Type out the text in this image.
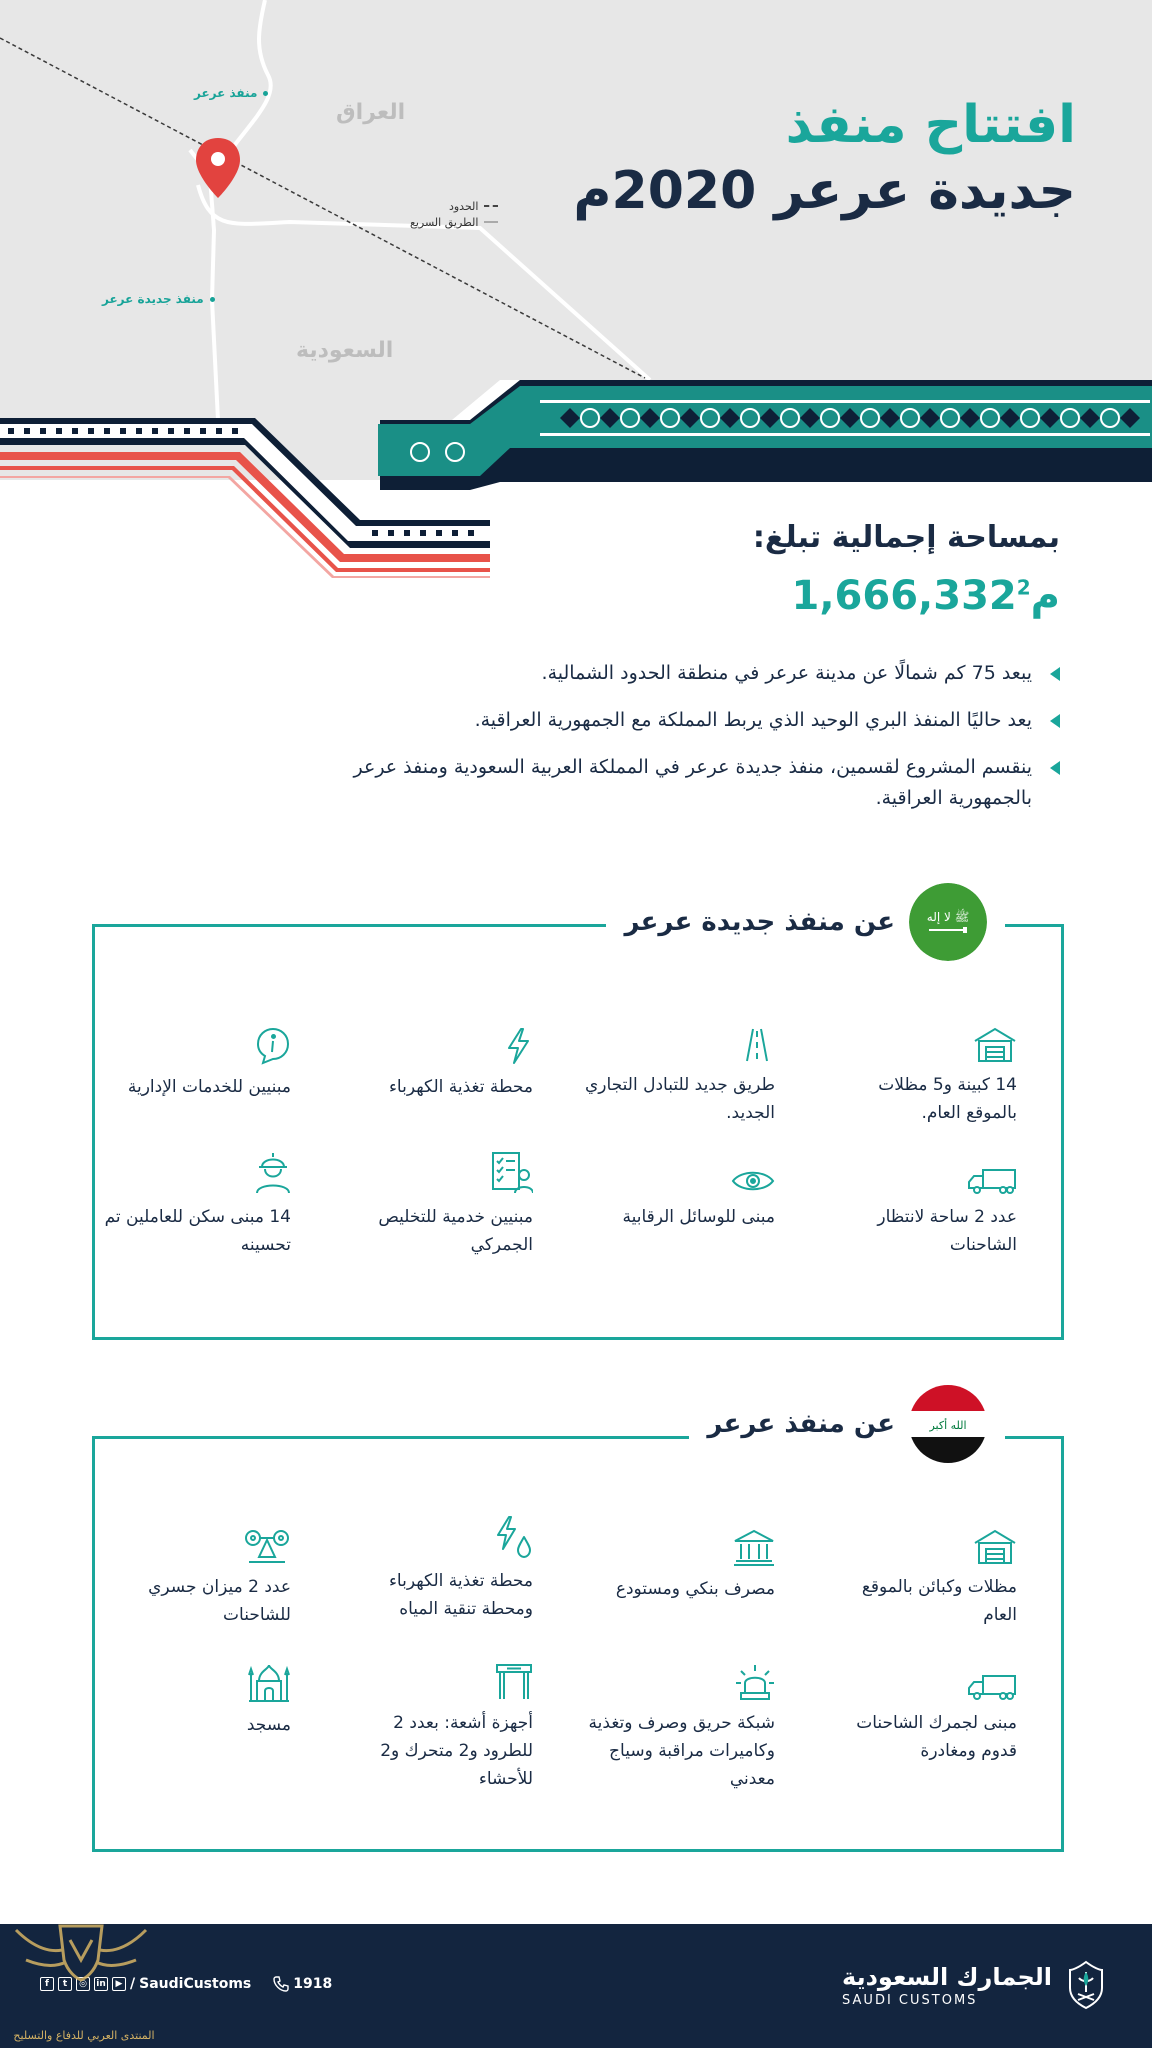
العراق
السعودية
منفذ عرعر
منفذ جديدة عرعر
الحدود
الطريق السريع
افتتاح منفذ
جديدة عرعر 2020م
بمساحة إجمالية تبلغ:
1,666,332 م$^2$
يبعد 75 كم شمالًا عن مدينة عرعر في منطقة الحدود الشمالية.
يعد حاليًا المنفذ البري الوحيد الذي يربط المملكة مع الجمهورية العراقية.
ينقسم المشروع لقسمين، منفذ جديدة عرعر في المملكة العربية السعودية ومنفذ عرعر بالجمهورية العراقية.
ﷺ ﻻ ﺇﻟﻪ
عن منفذ جديدة عرعر
14 كبينة و5 مظلات بالموقع العام.
طريق جديد للتبادل التجاري الجديد.
محطة تغذية الكهرباء
مبنيين للخدمات الإدارية
عدد 2 ساحة لانتظار الشاحنات
مبنى للوسائل الرقابية
مبنيين خدمية للتخليص الجمركي
14 مبنى سكن للعاملين تم تحسينه
الله أكبر
عن منفذ عرعر
مظلات وكبائن بالموقع العام
مصرف بنكي ومستودع
محطة تغذية الكهرباء ومحطة تنقية المياه
عدد 2 ميزان جسري للشاحنات
مبنى لجمرك الشاحنات قدوم ومغادرة
شبكة حريق وصرف وتغذية وكاميرات مراقبة وسياج معدني
أجهزة أشعة: بعدد 2 للطرود و2 متحرك و2 للأحشاء
مسجد
الجمارك السعودية
SAUDI CUSTOMS
f	t	◎	in	▶ / SaudiCustoms	1918
المنتدى العربي للدفاع والتسليح
